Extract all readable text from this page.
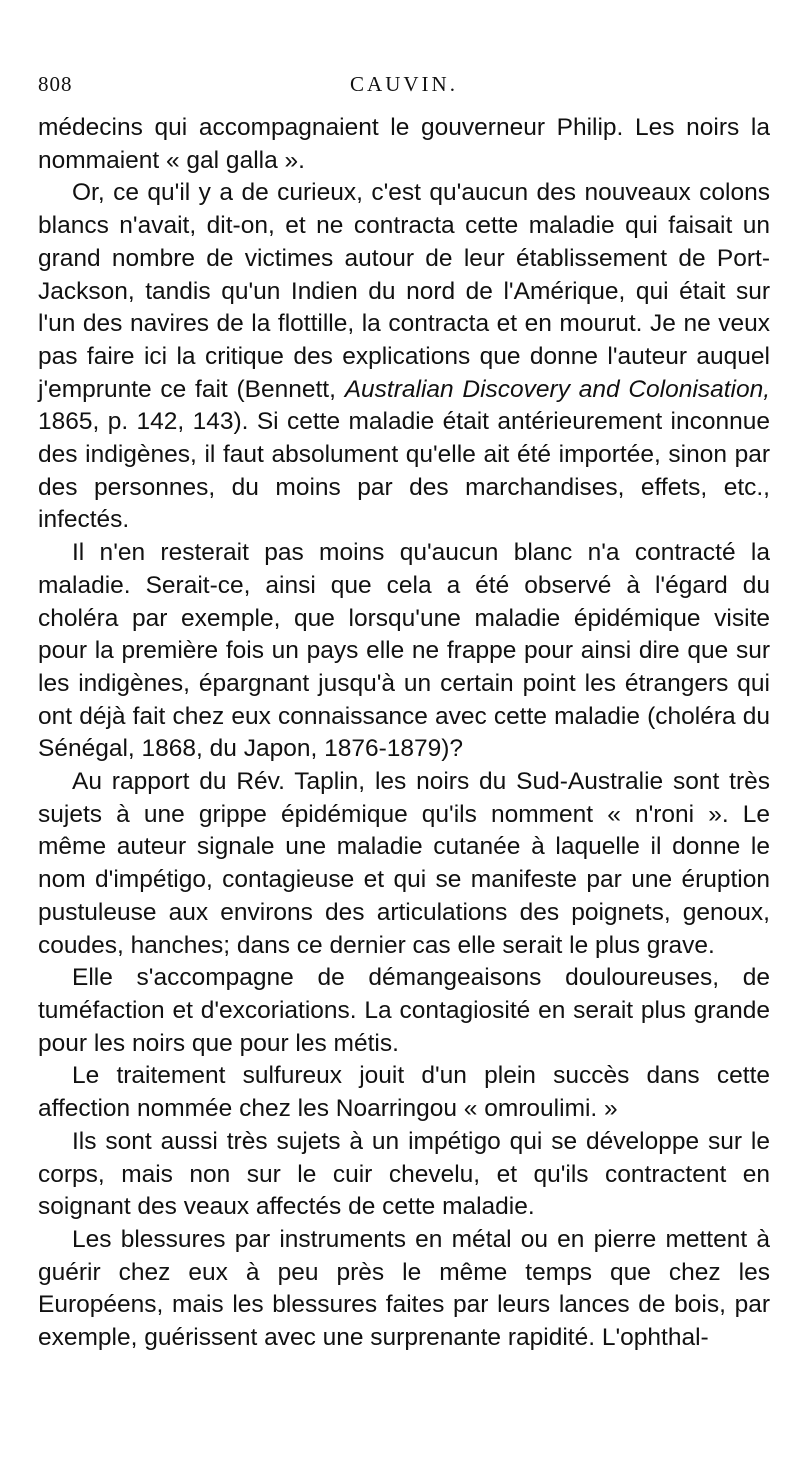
808	CAUVIN.

médecins qui accompagnaient le gouverneur Philip. Les noirs la nommaient « gal galla ».

Or, ce qu'il y a de curieux, c'est qu'aucun des nouveaux colons blancs n'avait, dit-on, et ne contracta cette maladie qui faisait un grand nombre de victimes autour de leur établissement de Port-Jackson, tandis qu'un Indien du nord de l'Amérique, qui était sur l'un des navires de la flottille, la contracta et en mourut. Je ne veux pas faire ici la critique des explications que donne l'auteur auquel j'emprunte ce fait (Bennett, Australian Discovery and Colonisation, 1865, p. 142, 143). Si cette maladie était antérieurement inconnue des indigènes, il faut absolument qu'elle ait été importée, sinon par des personnes, du moins par des marchandises, effets, etc., infectés.

Il n'en resterait pas moins qu'aucun blanc n'a contracté la maladie. Serait-ce, ainsi que cela a été observé à l'égard du choléra par exemple, que lorsqu'une maladie épidémique visite pour la première fois un pays elle ne frappe pour ainsi dire que sur les indigènes, épargnant jusqu'à un certain point les étrangers qui ont déjà fait chez eux connaissance avec cette maladie (choléra du Sénégal, 1868, du Japon, 1876-1879)?

Au rapport du Rév. Taplin, les noirs du Sud-Australie sont très sujets à une grippe épidémique qu'ils nomment « n'roni ». Le même auteur signale une maladie cutanée à laquelle il donne le nom d'impétigo, contagieuse et qui se manifeste par une éruption pustuleuse aux environs des articulations des poignets, genoux, coudes, hanches; dans ce dernier cas elle serait le plus grave.

Elle s'accompagne de démangeaisons douloureuses, de tuméfaction et d'excoriations. La contagiosité en serait plus grande pour les noirs que pour les métis.

Le traitement sulfureux jouit d'un plein succès dans cette affection nommée chez les Noarringou « omroulimi. »

Ils sont aussi très sujets à un impétigo qui se développe sur le corps, mais non sur le cuir chevelu, et qu'ils contractent en soignant des veaux affectés de cette maladie.

Les blessures par instruments en métal ou en pierre mettent à guérir chez eux à peu près le même temps que chez les Européens, mais les blessures faites par leurs lances de bois, par exemple, guérissent avec une surprenante rapidité. L'ophthal-
